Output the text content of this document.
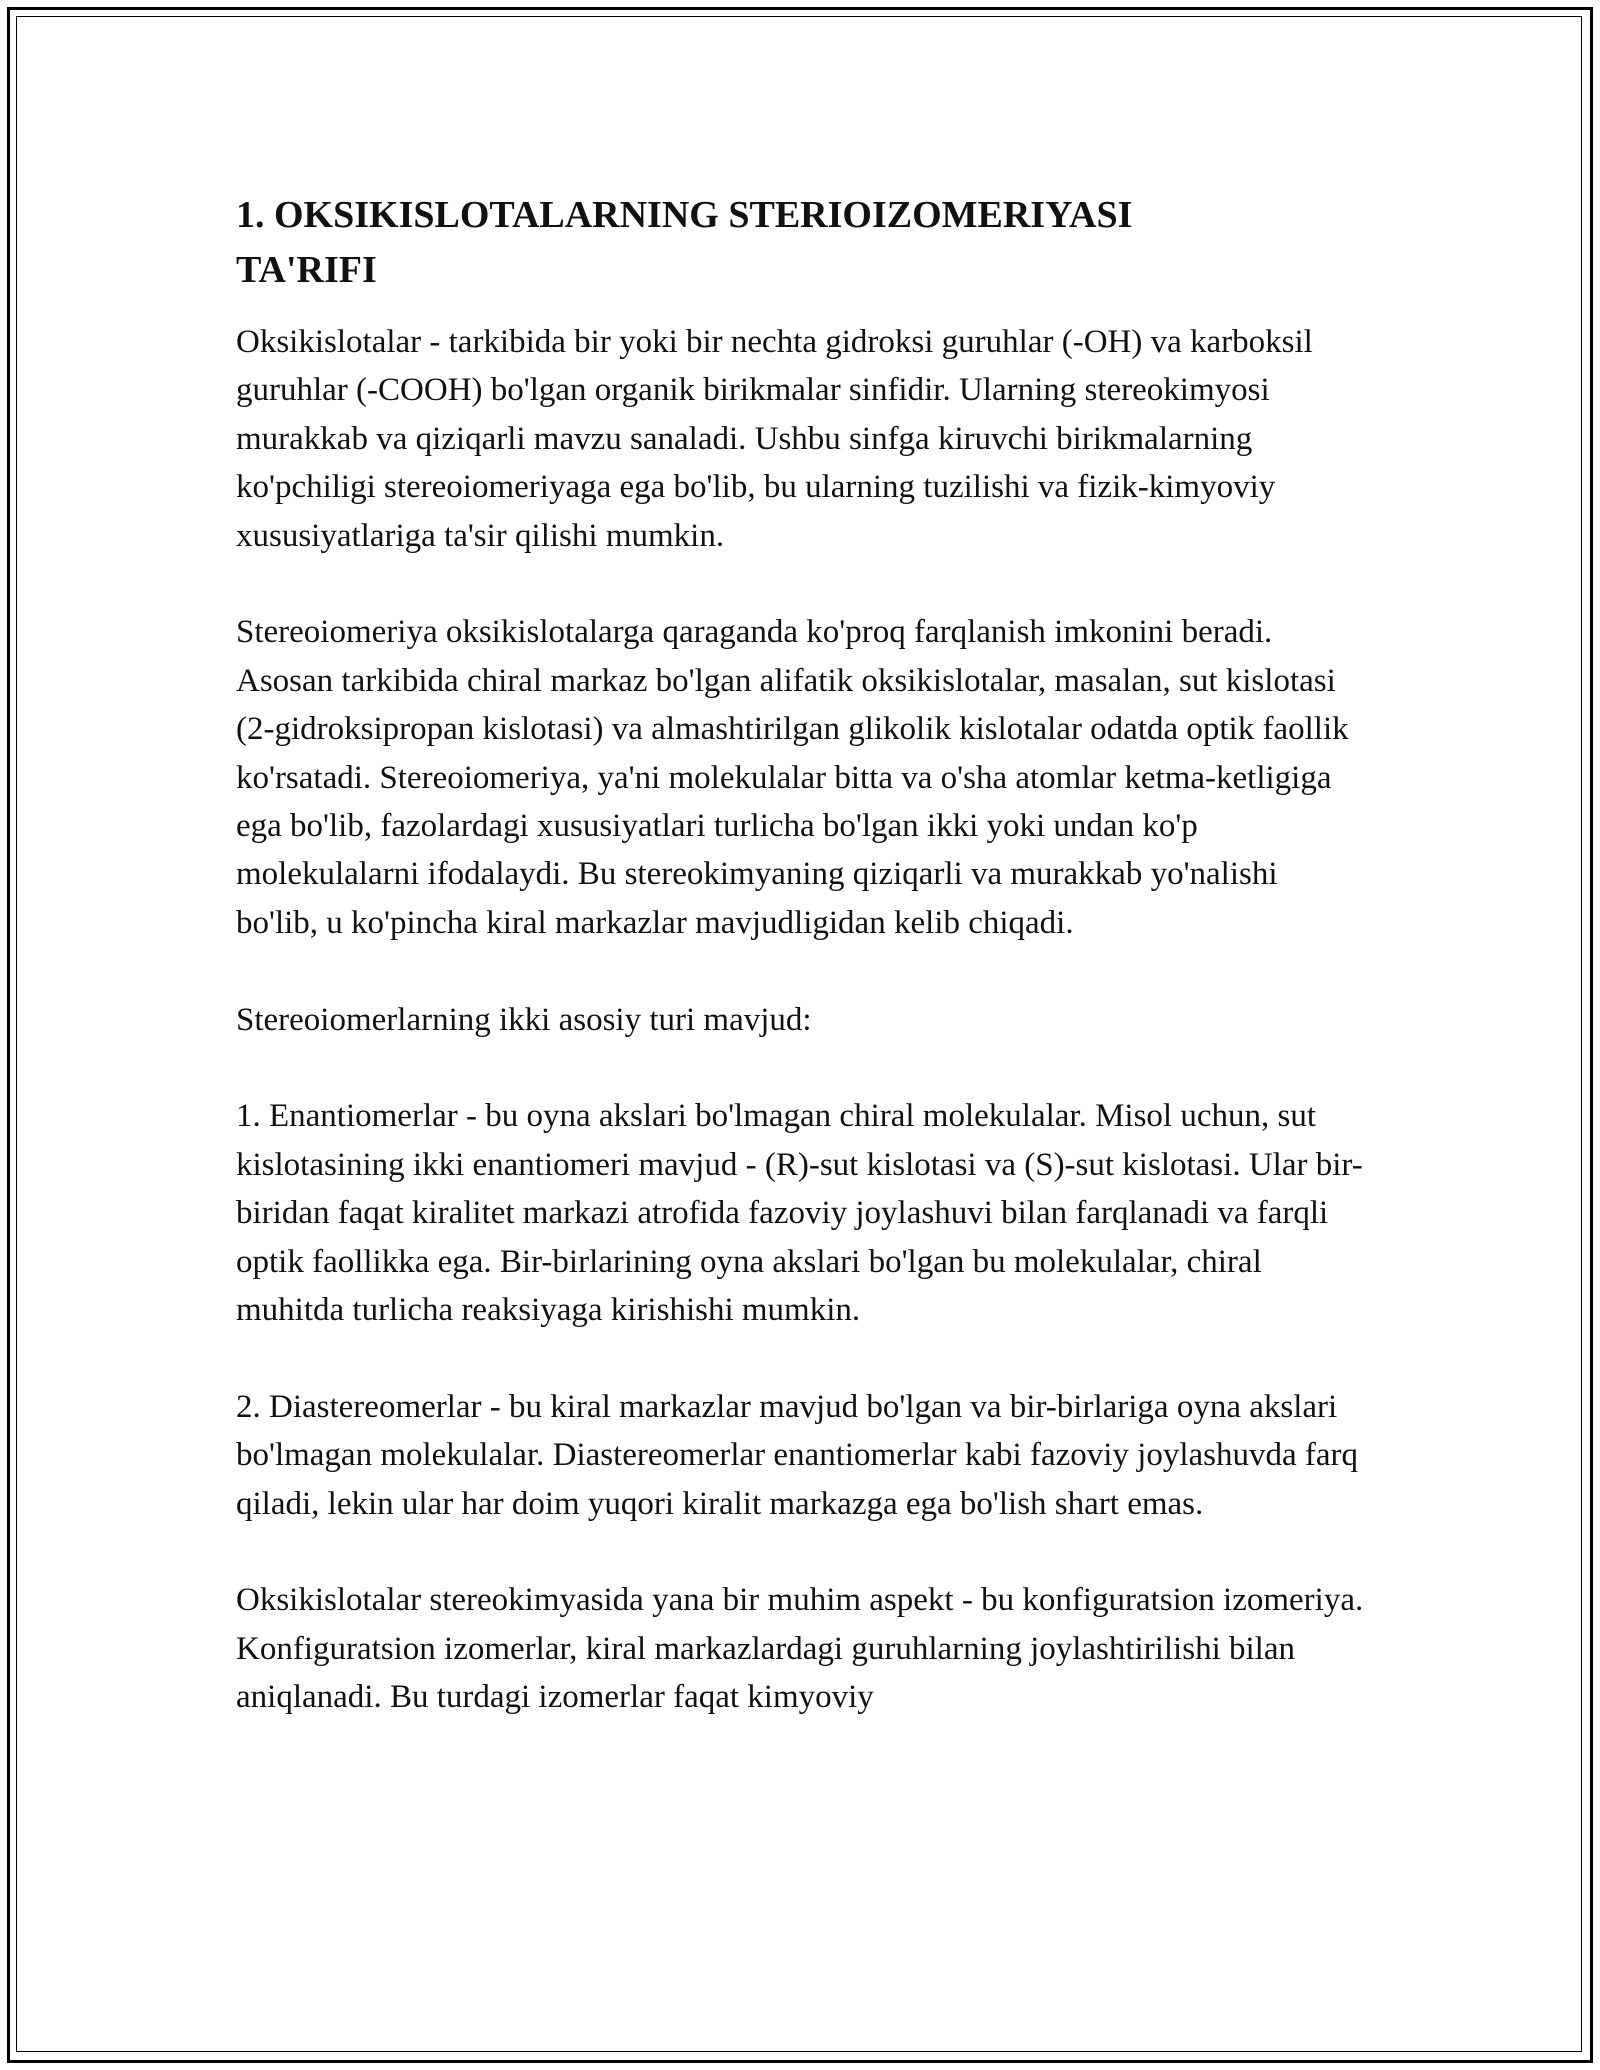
1. OKSIKISLOTALARNING STERIOIZOMERIYASI
TA'RIFI

Oksikislotalar - tarkibida bir yoki bir nechta gidroksi guruhlar (-OH) va karboksil guruhlar (-COOH) bo'lgan organik birikmalar sinfidir. Ularning stereokimyosi murakkab va qiziqarli mavzu sanaladi. Ushbu sinfga kiruvchi birikmalarning ko'pchiligi stereoiomeriyaga ega bo'lib, bu ularning tuzilishi va fizik-kimyoviy xususiyatlariga ta'sir qilishi mumkin.

Stereoiomeriya oksikislotalarga qaraganda ko'proq farqlanish imkonini beradi. Asosan tarkibida chiral markaz bo'lgan alifatik oksikislotalar, masalan, sut kislotasi (2-gidroksipropan kislotasi) va almashtirilgan glikolik kislotalar odatda optik faollik ko'rsatadi. Stereoiomeriya, ya'ni molekulalar bitta va o'sha atomlar ketma-ketligiga ega bo'lib, fazolardagi xususiyatlari turlicha bo'lgan ikki yoki undan ko'p molekulalarni ifodalaydi. Bu stereokimyaning qiziqarli va murakkab yo'nalishi bo'lib, u ko'pincha kiral markazlar mavjudligidan kelib chiqadi.

Stereoiomerlarning ikki asosiy turi mavjud:

1. Enantiomerlar - bu oyna akslari bo'lmagan chiral molekulalar. Misol uchun, sut kislotasining ikki enantiomeri mavjud - (R)-sut kislotasi va (S)-sut kislotasi. Ular bir-biridan faqat kiralitet markazi atrofida fazoviy joylashuvi bilan farqlanadi va farqli optik faollikka ega. Bir-birlarining oyna akslari bo'lgan bu molekulalar, chiral muhitda turlicha reaksiyaga kirishishi mumkin.

2. Diastereomerlar - bu kiral markazlar mavjud bo'lgan va bir-birlariga oyna akslari bo'lmagan molekulalar. Diastereomerlar enantiomerlar kabi fazoviy joylashuvda farq qiladi, lekin ular har doim yuqori kiralit markazga ega bo'lish shart emas.

Oksikislotalar stereokimyasida yana bir muhim aspekt - bu konfiguratsion izomeriya. Konfiguratsion izomerlar, kiral markazlardagi guruhlarning joylashtirilishi bilan aniqlanadi. Bu turdagi izomerlar faqat kimyoviy
